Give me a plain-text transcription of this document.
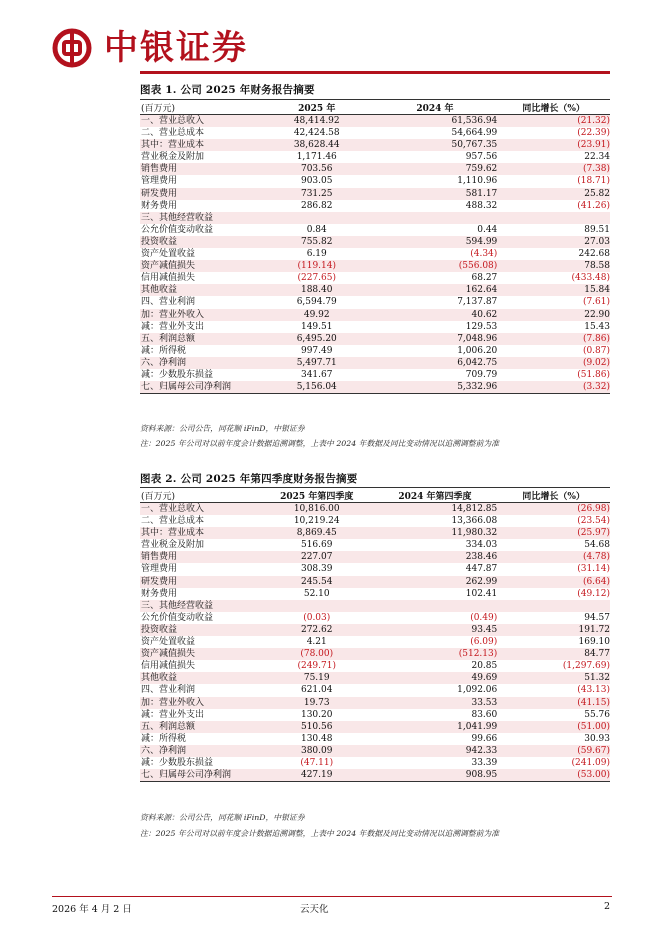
中银证券
图表 1. 公司 2025 年财务报告摘要
(百万元)	2025 年	2024 年	同比增长（%）
一、营业总收入	48,414.92	61,536.94	(21.32)
二、营业总成本	42,424.58	54,664.99	(22.39)
其中：营业成本	38,628.44	50,767.35	(23.91)
营业税金及附加	1,171.46	957.56	22.34
销售费用	703.56	759.62	(7.38)
管理费用	903.05	1,110.96	(18.71)
研发费用	731.25	581.17	25.82
财务费用	286.82	488.32	(41.26)
三、其他经营收益			
公允价值变动收益	0.84	0.44	89.51
投资收益	755.82	594.99	27.03
资产处置收益	6.19	(4.34)	242.68
资产减值损失	(119.14)	(556.08)	78.58
信用减值损失	(227.65)	68.27	(433.48)
其他收益	188.40	162.64	15.84
四、营业利润	6,594.79	7,137.87	(7.61)
加：营业外收入	49.92	40.62	22.90
减：营业外支出	149.51	129.53	15.43
五、利润总额	6,495.20	7,048.96	(7.86)
减：所得税	997.49	1,006.20	(0.87)
六、净利润	5,497.71	6,042.75	(9.02)
减：少数股东损益	341.67	709.79	(51.86)
七、归属母公司净利润	5,156.04	5,332.96	(3.32)
资料来源：公司公告，同花顺 iFinD，中银证券
注：2025 年公司对以前年度会计数据追溯调整，上表中 2024 年数据及同比变动情况以追溯调整前为准
图表 2. 公司 2025 年第四季度财务报告摘要
(百万元)	2025 年第四季度	2024 年第四季度	同比增长（%）
一、营业总收入	10,816.00	14,812.85	(26.98)
二、营业总成本	10,219.24	13,366.08	(23.54)
其中：营业成本	8,869.45	11,980.32	(25.97)
营业税金及附加	516.69	334.03	54.68
销售费用	227.07	238.46	(4.78)
管理费用	308.39	447.87	(31.14)
研发费用	245.54	262.99	(6.64)
财务费用	52.10	102.41	(49.12)
三、其他经营收益			
公允价值变动收益	(0.03)	(0.49)	94.57
投资收益	272.62	93.45	191.72
资产处置收益	4.21	(6.09)	169.10
资产减值损失	(78.00)	(512.13)	84.77
信用减值损失	(249.71)	20.85	(1,297.69)
其他收益	75.19	49.69	51.32
四、营业利润	621.04	1,092.06	(43.13)
加：营业外收入	19.73	33.53	(41.15)
减：营业外支出	130.20	83.60	55.76
五、利润总额	510.56	1,041.99	(51.00)
减：所得税	130.48	99.66	30.93
六、净利润	380.09	942.33	(59.67)
减：少数股东损益	(47.11)	33.39	(241.09)
七、归属母公司净利润	427.19	908.95	(53.00)
资料来源：公司公告，同花顺 iFinD，中银证券
注：2025 年公司对以前年度会计数据追溯调整，上表中 2024 年数据及同比变动情况以追溯调整前为准
2026 年 4 月 2 日	云天化	2
